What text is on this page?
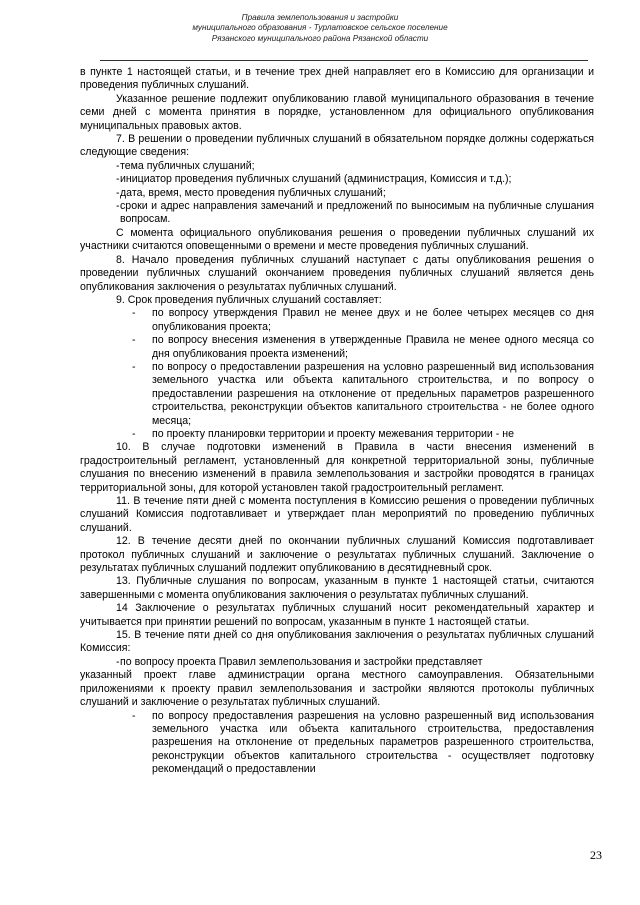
Правила землепользования и застройки
муниципального образования - Турлатовское сельское поселение
Рязанского муниципального района Рязанской области

в пункте 1 настоящей статьи, и в течение трех дней направляет его в Комиссию для организации и проведения публичных слушаний.

Указанное решение подлежит опубликованию главой муниципального образования в течение семи дней с момента принятия в порядке, установленном для официального опубликования муниципальных правовых актов.

7. В решении о проведении публичных слушаний в обязательном порядке должны содержаться следующие сведения:

- тема публичных слушаний;
- инициатор проведения публичных слушаний (администрация, Комиссия и т.д.);
- дата, время, место проведения публичных слушаний;
- сроки и адрес направления замечаний и предложений по выносимым на публичные слушания вопросам.

С момента официального опубликования решения о проведении публичных слушаний их участники считаются оповещенными о времени и месте проведения публичных слушаний.

8. Начало проведения публичных слушаний наступает с даты опубликования решения о проведении публичных слушаний окончанием проведения публичных слушаний является день опубликования заключения о результатах публичных слушаний.

9. Срок проведения публичных слушаний составляет:

-	по вопросу утверждения Правил не менее двух и не более четырех месяцев со дня опубликования проекта;
-	по вопросу внесения изменения в утвержденные Правила не менее одного месяца со дня опубликования проекта изменений;
-	по вопросу о предоставлении разрешения на условно разрешенный вид использования земельного участка или объекта капитального строительства, и по вопросу о предоставлении разрешения на отклонение от предельных параметров разрешенного строительства, реконструкции объектов капитального строительства - не более одного месяца;
-	по проекту планировки территории и проекту межевания территории - не

10. В случае подготовки изменений в Правила в части внесения изменений в градостроительный регламент, установленный для конкретной территориальной зоны, публичные слушания по внесению изменений в правила землепользования и застройки проводятся в границах территориальной зоны, для которой установлен такой градостроительный регламент.

11. В течение пяти дней с момента поступления в Комиссию решения о проведении публичных слушаний Комиссия подготавливает и утверждает план мероприятий по проведению публичных слушаний.

12. В течение десяти дней по окончании публичных слушаний Комиссия подготавливает протокол публичных слушаний и заключение о результатах публичных слушаний. Заключение о результатах публичных слушаний подлежит опубликованию в десятидневный срок.

13. Публичные слушания по вопросам, указанным в пункте 1 настоящей статьи, считаются завершенными с момента опубликования заключения о результатах публичных слушаний.

14 Заключение о результатах публичных слушаний носит рекомендательный характер и учитывается при принятии решений по вопросам, указанным в пункте 1 настоящей статьи.

15. В течение пяти дней со дня опубликования заключения о результатах публичных слушаний Комиссия:

- по вопросу проекта Правил землепользования и застройки представляет

указанный проект главе администрации органа местного самоуправления. Обязательными приложениями к проекту правил землепользования и застройки являются протоколы публичных слушаний и заключение о результатах публичных слушаний.

-	по вопросу предоставления разрешения на условно разрешенный вид использования земельного участка или объекта капитального строительства, предоставления разрешения на отклонение от предельных параметров разрешенного строительства, реконструкции объектов капитального строительства - осуществляет подготовку рекомендаций о предоставлении
23
